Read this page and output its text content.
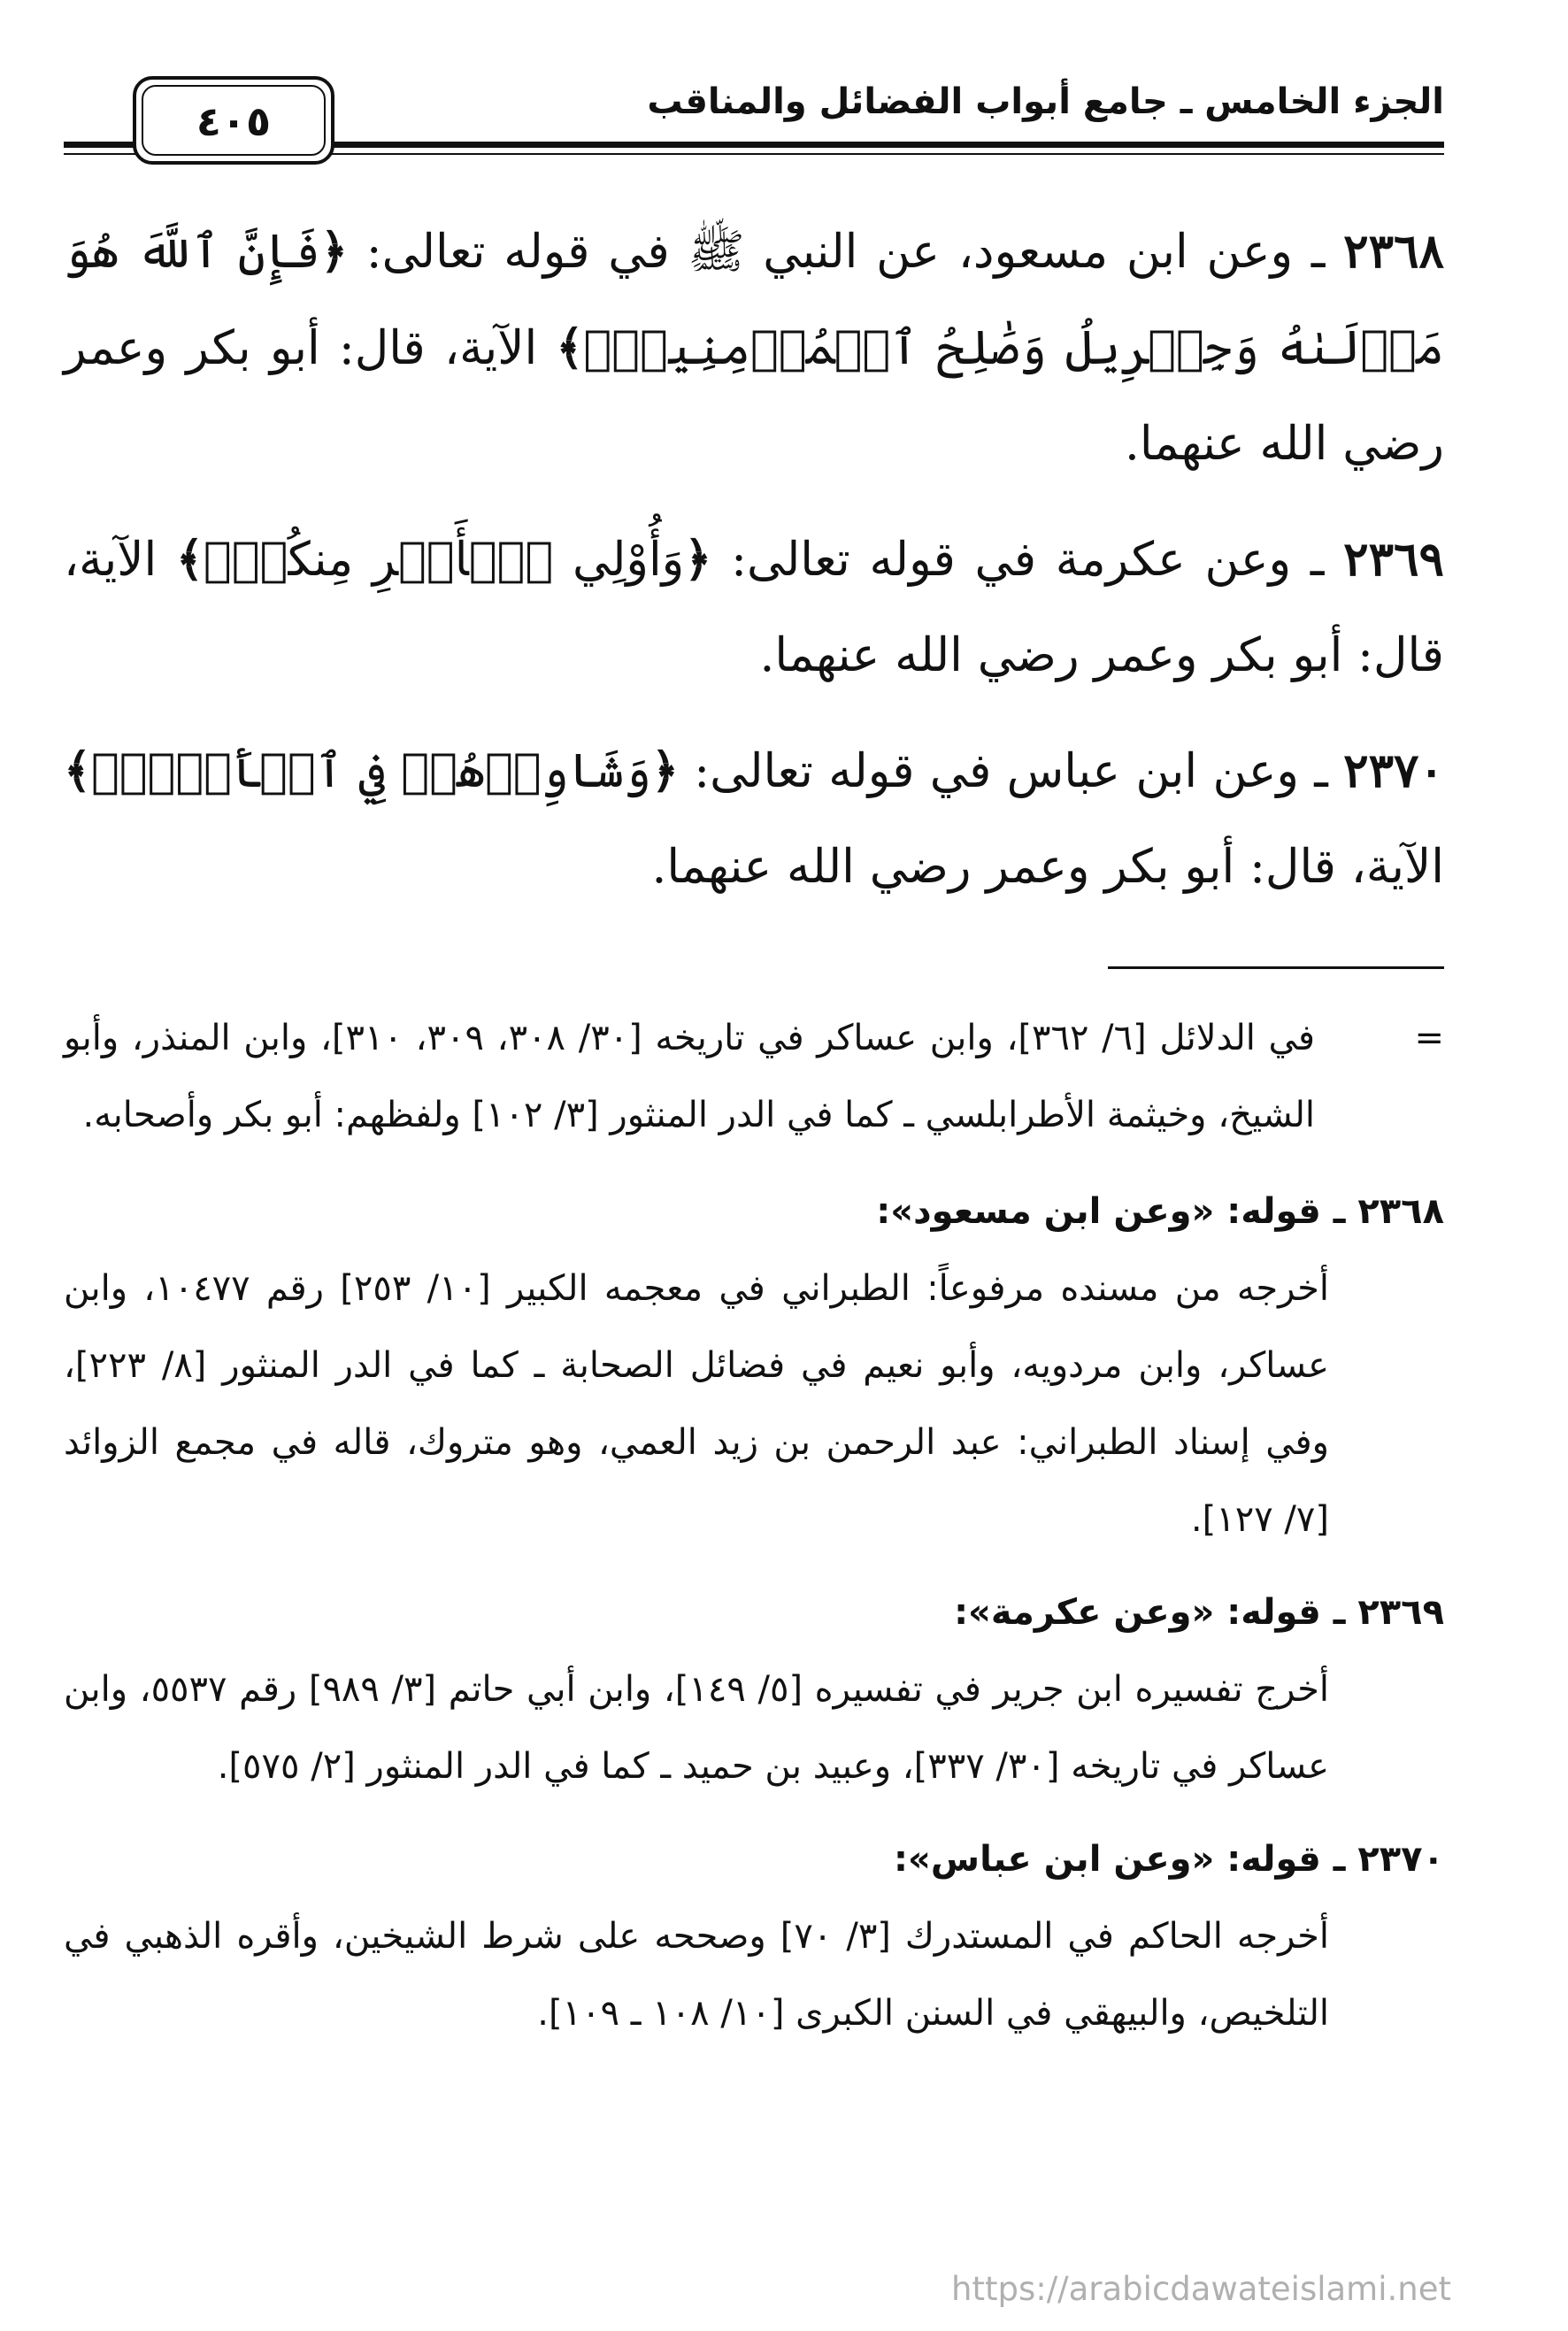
الجزء الخامس ـ جامع أبواب الفضائل والمناقب
٤٠٥

٢٣٦٨ ـ وعن ابن مسعود، عن النبي ﷺ في قوله تعالى: ﴿فَإِنَّ ٱللَّهَ هُوَ مَوۡلَىٰهُ وَجِبۡرِيلُ وَصَٰلِحُ ٱلۡمُؤۡمِنِينَۖ﴾ الآية، قال: أبو بكر وعمر رضي الله عنهما.

٢٣٦٩ ـ وعن عكرمة في قوله تعالى: ﴿وَأُوْلِي ٱلۡأَمۡرِ مِنكُمۡۖ﴾ الآية، قال: أبو بكر وعمر رضي الله عنهما.

٢٣٧٠ ـ وعن ابن عباس في قوله تعالى: ﴿وَشَاوِرۡهُمۡ فِي ٱلۡأَمۡرِۖ﴾ الآية، قال: أبو بكر وعمر رضي الله عنهما.

=
في الدلائل [٦/ ٣٦٢]، وابن عساكر في تاريخه [٣٠/ ٣٠٨، ٣٠٩، ٣١٠]، وابن المنذر، وأبو الشيخ، وخيثمة الأطرابلسي ـ كما في الدر المنثور [٣/ ١٠٢] ولفظهم: أبو بكر وأصحابه.

٢٣٦٨ ـ قوله: «وعن ابن مسعود»:

أخرجه من مسنده مرفوعاً: الطبراني في معجمه الكبير [١٠/ ٢٥٣] رقم ١٠٤٧٧، وابن عساكر، وابن مردويه، وأبو نعيم في فضائل الصحابة ـ كما في الدر المنثور [٨/ ٢٢٣]، وفي إسناد الطبراني: عبد الرحمن بن زيد العمي، وهو متروك، قاله في مجمع الزوائد [٧/ ١٢٧].

٢٣٦٩ ـ قوله: «وعن عكرمة»:

أخرج تفسيره ابن جرير في تفسيره [٥/ ١٤٩]، وابن أبي حاتم [٣/ ٩٨٩] رقم ٥٥٣٧، وابن عساكر في تاريخه [٣٠/ ٣٣٧]، وعبيد بن حميد ـ كما في الدر المنثور [٢/ ٥٧٥].

٢٣٧٠ ـ قوله: «وعن ابن عباس»:

أخرجه الحاكم في المستدرك [٣/ ٧٠] وصححه على شرط الشيخين، وأقره الذهبي في التلخيص، والبيهقي في السنن الكبرى [١٠/ ١٠٨ ـ ١٠٩].

https://arabicdawateislami.net
